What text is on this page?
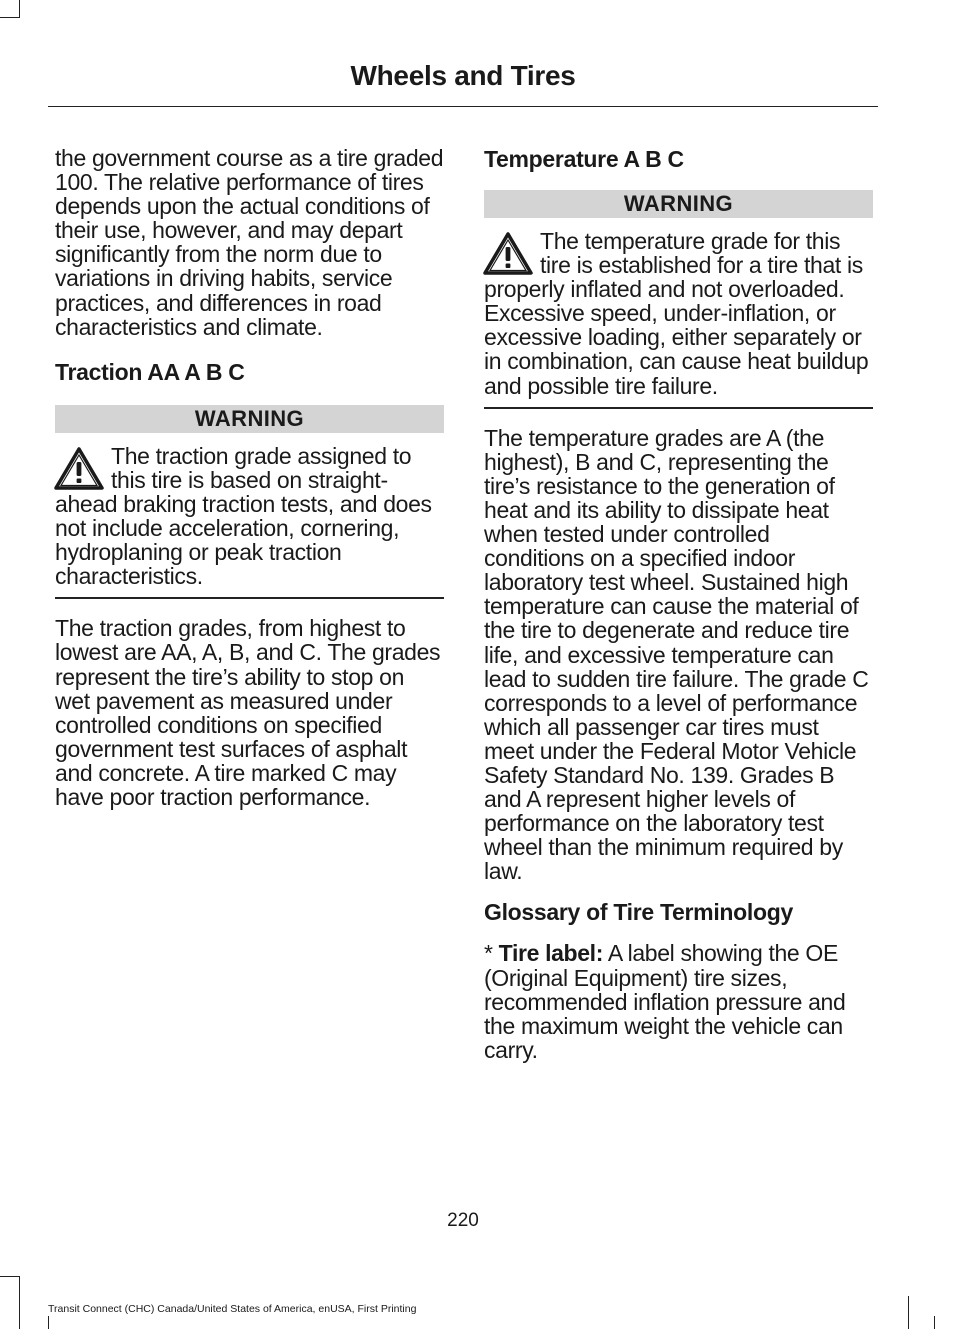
Wheels and Tires

the government course as a tire graded 100. The relative performance of tires depends upon the actual conditions of their use, however, and may depart significantly from the norm due to variations in driving habits, service practices, and differences in road characteristics and climate.

Traction AA A B C
WARNING

The traction grade assigned to this tire is based on straight-ahead braking traction tests, and does not include acceleration, cornering, hydroplaning or peak traction characteristics.

The traction grades, from highest to lowest are AA, A, B, and C. The grades represent the tire’s ability to stop on wet pavement as measured under controlled conditions on specified government test surfaces of asphalt and concrete. A tire marked C may have poor traction performance.

Temperature A B C
WARNING

The temperature grade for this tire is established for a tire that is properly inflated and not overloaded. Excessive speed, under-inflation, or excessive loading, either separately or in combination, can cause heat buildup and possible tire failure.

The temperature grades are A (the highest), B and C, representing the tire’s resistance to the generation of heat and its ability to dissipate heat when tested under controlled conditions on a specified indoor laboratory test wheel. Sustained high temperature can cause the material of the tire to degenerate and reduce tire life, and excessive temperature can lead to sudden tire failure. The grade C corresponds to a level of performance which all passenger car tires must meet under the Federal Motor Vehicle Safety Standard No. 139. Grades B and A represent higher levels of performance on the laboratory test wheel than the minimum required by law.

Glossary of Tire Terminology

* Tire label: A label showing the OE (Original Equipment) tire sizes, recommended inflation pressure and the maximum weight the vehicle can carry.

220
Transit Connect (CHC) Canada/United States of America, enUSA, First Printing
